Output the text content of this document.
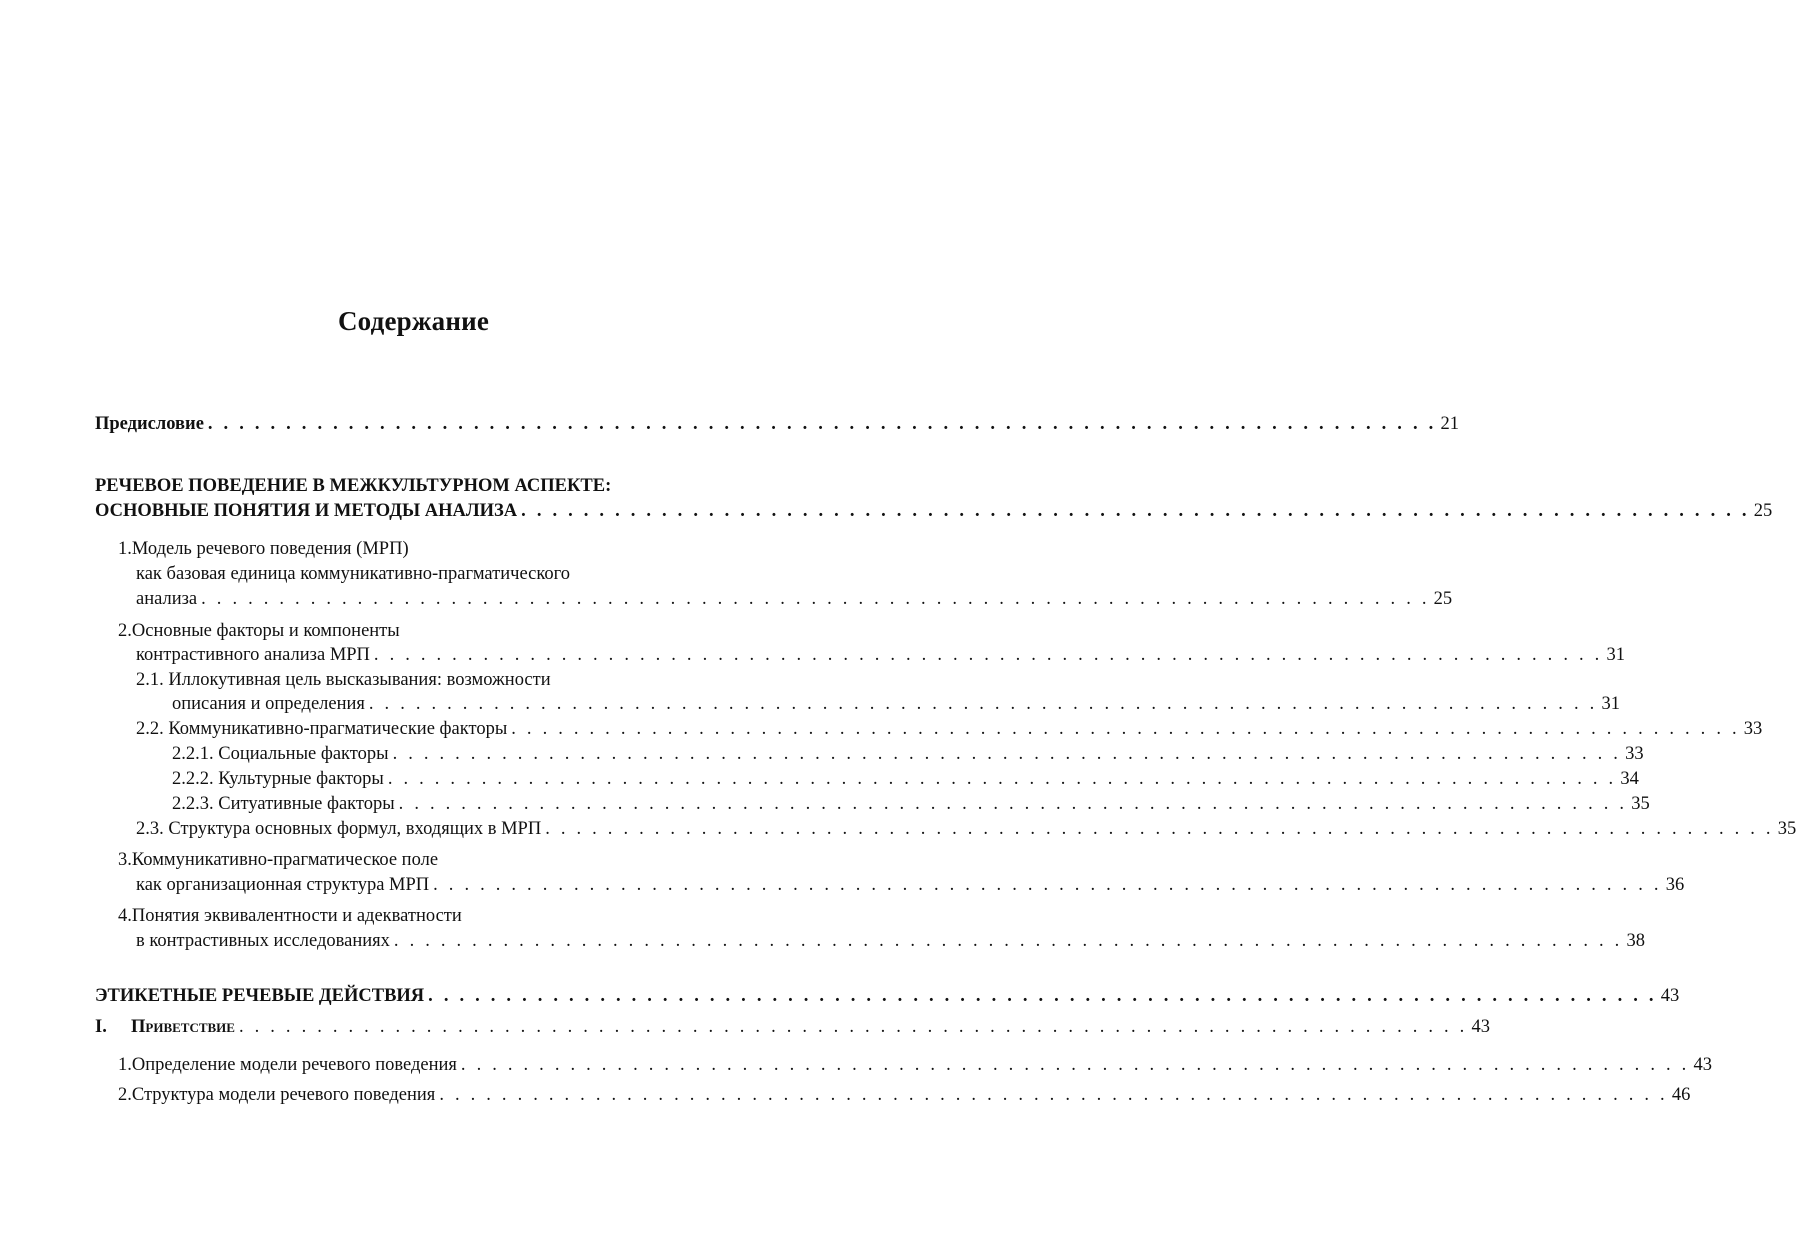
Содержание
Предисловие . . . . . . . . . . . . . . . . . . . . . . . . . . . . . . . . . . . . . . . . . . . . . . . . . . . . . . . . . . . . . . . . . . . . . . . . . . . . . . . 21
РЕЧЕВОЕ ПОВЕДЕНИЕ В МЕЖКУЛЬТУРНОМ АСПЕКТЕ:
ОСНОВНЫЕ ПОНЯТИЯ И МЕТОДЫ АНАЛИЗА . . . . . . . . . . . . . . . . . . . . . . . . . . . . . . . . . . . . . . . . . . . . . . . . . . . . . . . . . . . . . . . . . . . . . . . . . . . . . . . 25
1.Модель речевого поведения (МРП)
как базовая единица коммуникативно-прагматического
анализа . . . . . . . . . . . . . . . . . . . . . . . . . . . . . . . . . . . . . . . . . . . . . . . . . . . . . . . . . . . . . . . . . . . . . . . . . . . . . . . 25
2.Основные факторы и компоненты
контрастивного анализа МРП . . . . . . . . . . . . . . . . . . . . . . . . . . . . . . . . . . . . . . . . . . . . . . . . . . . . . . . . . . . . . . . . . . . . . . . . . . . . . . . 31
2.1. Иллокутивная цель высказывания: возможности
описания и определения . . . . . . . . . . . . . . . . . . . . . . . . . . . . . . . . . . . . . . . . . . . . . . . . . . . . . . . . . . . . . . . . . . . . . . . . . . . . . . . 31
2.2. Коммуникативно-прагматические факторы . . . . . . . . . . . . . . . . . . . . . . . . . . . . . . . . . . . . . . . . . . . . . . . . . . . . . . . . . . . . . . . . . . . . . . . . . . . . . . . 33
2.2.1. Социальные факторы . . . . . . . . . . . . . . . . . . . . . . . . . . . . . . . . . . . . . . . . . . . . . . . . . . . . . . . . . . . . . . . . . . . . . . . . . . . . . . . 33
2.2.2. Культурные факторы . . . . . . . . . . . . . . . . . . . . . . . . . . . . . . . . . . . . . . . . . . . . . . . . . . . . . . . . . . . . . . . . . . . . . . . . . . . . . . . 34
2.2.3. Ситуативные факторы . . . . . . . . . . . . . . . . . . . . . . . . . . . . . . . . . . . . . . . . . . . . . . . . . . . . . . . . . . . . . . . . . . . . . . . . . . . . . . . 35
2.3. Структура основных формул, входящих в МРП . . . . . . . . . . . . . . . . . . . . . . . . . . . . . . . . . . . . . . . . . . . . . . . . . . . . . . . . . . . . . . . . . . . . . . . . . . . . . . . 35
3.Коммуникативно-прагматическое поле
как организационная структура МРП . . . . . . . . . . . . . . . . . . . . . . . . . . . . . . . . . . . . . . . . . . . . . . . . . . . . . . . . . . . . . . . . . . . . . . . . . . . . . . . 36
4.Понятия эквивалентности и адекватности
в контрастивных исследованиях . . . . . . . . . . . . . . . . . . . . . . . . . . . . . . . . . . . . . . . . . . . . . . . . . . . . . . . . . . . . . . . . . . . . . . . . . . . . . . . 38
ЭТИКЕТНЫЕ РЕЧЕВЫЕ ДЕЙСТВИЯ . . . . . . . . . . . . . . . . . . . . . . . . . . . . . . . . . . . . . . . . . . . . . . . . . . . . . . . . . . . . . . . . . . . . . . . . . . . . . . . 43
I. Приветствие . . . . . . . . . . . . . . . . . . . . . . . . . . . . . . . . . . . . . . . . . . . . . . . . . . . . . . . . . . . . . . . . . . . . . . . . . . . . . . . 43
1.Определение модели речевого поведения . . . . . . . . . . . . . . . . . . . . . . . . . . . . . . . . . . . . . . . . . . . . . . . . . . . . . . . . . . . . . . . . . . . . . . . . . . . . . . . 43
2.Структура модели речевого поведения . . . . . . . . . . . . . . . . . . . . . . . . . . . . . . . . . . . . . . . . . . . . . . . . . . . . . . . . . . . . . . . . . . . . . . . . . . . . . . . 46
